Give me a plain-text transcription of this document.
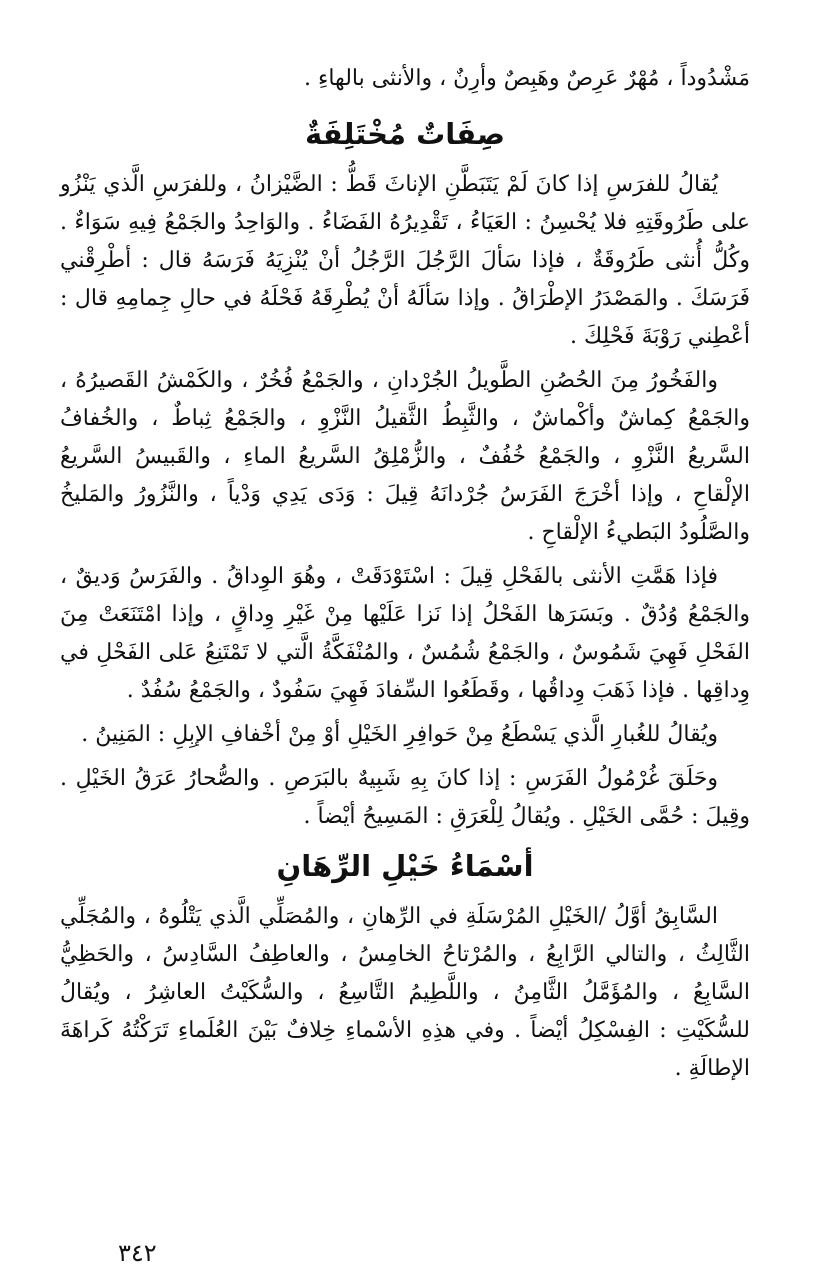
مَشْدُوداً ، مُهْرٌ عَرِصٌ وهَبِصٌ وأرِنٌ ، والأنثى بالهاءِ .

صِفَاتٌ مُخْتَلِفَةٌ

يُقالُ للفرَسِ إذا كانَ لَمْ يَتَبَطَّنِ الإناثَ قَطُّ : الضَّيْزانُ ، وللفرَسِ الَّذي يَنْزُو على طَرُوقَتِهِ فلا يُحْسِنُ : العَيَاءُ ، تَقْدِيرُهُ الفَضَاءُ . والوَاحِدُ والجَمْعُ فِيهِ سَوَاءٌ . وكُلُّ أُنثى طَرُوقَةٌ ، فإذا سَألَ الرَّجُلَ الرَّجُلُ أنْ يُنْزِيَهُ فَرَسَهُ قال : أطْرِقْني فَرَسَكَ . والمَصْدَرُ الإطْرَاقُ . وإذا سَألَهُ أنْ يُطْرِقَهُ فَحْلَهُ في حالِ جِمامِهِ قال : أعْطِني رَوْبَةَ فَحْلِكَ .

والفَخُورُ مِنَ الحُصُنِ الطَّويلُ الجُرْدانِ ، والجَمْعُ فُخُرٌ ، والكَمْشُ القَصيرُهُ ، والجَمْعُ كِماشٌ وأكْماشٌ ، والثَّبِطُ الثَّقيلُ النَّزْوِ ، والجَمْعُ ثِباطٌ ، والخُفافُ السَّريعُ النَّزْوِ ، والجَمْعُ خُفُفٌ ، والزُّمْلِقُ السَّريعُ الماءِ ، والقَبيسُ السَّريعُ الإلْقاحِ ، وإذا أخْرَجَ الفَرَسُ جُرْدانَهُ قِيلَ : وَدَى يَدِي وَدْياً ، والنَّزُورُ والمَليخُ والصَّلُودُ البَطيءُ الإلْقاحِ .

فإذا هَمَّتِ الأنثى بالفَحْلِ قِيلَ : اسْتَوْدَقَتْ ، وهُوَ الوِداقُ . والفَرَسُ وَديقٌ ، والجَمْعُ وُدُقٌ . وبَسَرَها الفَحْلُ إذا نَزا عَلَيْها مِنْ غَيْرِ وِداقٍ ، وإذا امْتَنَعَتْ مِنَ الفَحْلِ فَهِيَ شَمُوسٌ ، والجَمْعُ شُمُسٌ ، والمُنْفَكَّةُ الَّتي لا تَمْتَنِعُ عَلى الفَحْلِ في وِداقِها . فإذا ذَهَبَ وِداقُها ، وقَطَعُوا السِّفادَ فَهِيَ سَفُودٌ ، والجَمْعُ سُفُدٌ .

ويُقالُ للغُبارِ الَّذي يَسْطَعُ مِنْ حَوافِرِ الخَيْلِ أوْ مِنْ أخْفافِ الإبِلِ : المَنِينُ .

وحَلَقَ غُرْمُولُ الفَرَسِ : إذا كانَ بِهِ شَبِيهٌ بالبَرَصِ . والصُّحارُ عَرَقُ الخَيْلِ . وقِيلَ : حُمَّى الخَيْلِ . ويُقالُ لِلْعَرَقِ : المَسِيحُ أيْضاً .

أسْمَاءُ خَيْلِ الرِّهَانِ

السَّابِقُ أوَّلُ /الخَيْلِ المُرْسَلَةِ في الرِّهانِ ، والمُصَلِّي الَّذي يَتْلُوهُ ، والمُجَلِّي الثَّالِثُ ، والتالي الرَّابِعُ ، والمُرْتاحُ الخامِسُ ، والعاطِفُ السَّادِسُ ، والحَظِيُّ السَّابِعُ ، والمُؤَمَّلُ الثَّامِنُ ، واللَّطِيمُ التَّاسِعُ ، والسُّكَيْتُ العاشِرُ ، ويُقالُ للسُّكَيْتِ : الفِسْكِلُ أيْضاً . وفي هذِهِ الأسْماءِ خِلافٌ بَيْنَ العُلَماءِ تَرَكْتُهُ كَراهَةَ الإطالَةِ .

٣٤٢
